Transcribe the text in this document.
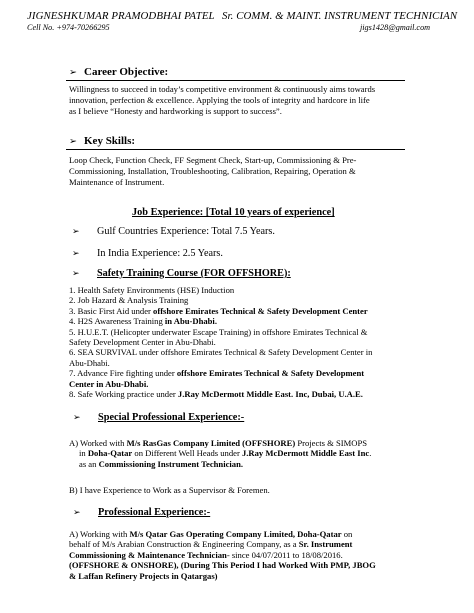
JIGNESHKUMAR PRAMODBHAI PATEL Sr. COMM. & MAINT. INSTRUMENT TECHNICIAN
Cell No. +974-70266295	jigs1428@gmail.com
➢ Career Objective:
Willingness to succeed in today’s competitive environment & continuously aims towards
innovation, perfection & excellence. Applying the tools of integrity and hardcore in life
as I believe “Honesty and hardworking is support to success”.
➢ Key Skills:
Loop Check, Function Check, FF Segment Check, Start-up, Commissioning & Pre-
Commissioning, Installation, Troubleshooting, Calibration, Repairing, Operation &
Maintenance of Instrument.
Job Experience: [Total 10 years of experience]
➢ Gulf Countries Experience: Total 7.5 Years.
➢ In India Experience: 2.5 Years.
➢ Safety Training Course (FOR OFFSHORE):
1. Health Safety Environments (HSE) Induction
2. Job Hazard & Analysis Training
3. Basic First Aid under offshore Emirates Technical & Safety Development Center
4. H2S Awareness Training in Abu-Dhabi.
5. H.U.E.T. (Helicopter underwater Escape Training) in offshore Emirates Technical &
Safety Development Center in Abu-Dhabi.
6. SEA SURVIVAL under offshore Emirates Technical & Safety Development Center in
Abu-Dhabi.
7. Advance Fire fighting under offshore Emirates Technical & Safety Development
Center in Abu-Dhabi.
8. Safe Working practice under J.Ray McDermott Middle East. Inc, Dubai, U.A.E.
➢ Special Professional Experience:-
A) Worked with M/s RasGas Company Limited (OFFSHORE) Projects & SIMOPS
in Doha-Qatar on Different Well Heads under J.Ray McDermott Middle East Inc.
as an Commissioning Instrument Technician.
B) I have Experience to Work as a Supervisor & Foremen.
➢ Professional Experience:-
A) Working with M/s Qatar Gas Operating Company Limited, Doha-Qatar on
behalf of M/s Arabian Construction & Engineering Company, as a Sr. Instrument
Commissioning & Maintenance Technician- since 04/07/2011 to 18/08/2016.
(OFFSHORE & ONSHORE), (During This Period I had Worked With PMP, JBOG
& Laffan Refinery Projects in Qatargas)
